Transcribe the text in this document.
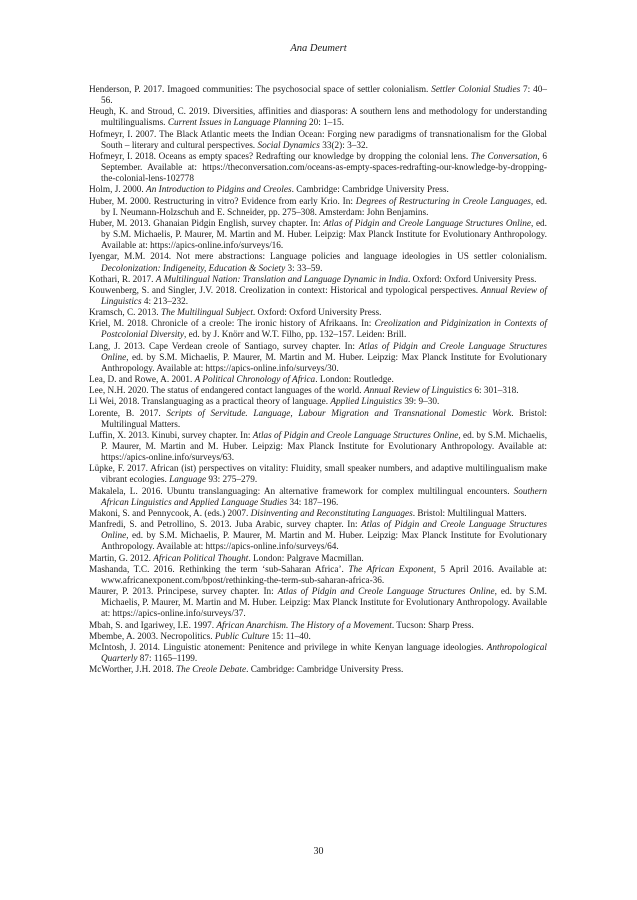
Ana Deumert
Henderson, P. 2017. Imagoed communities: The psychosocial space of settler colonialism. Settler Colonial Studies 7: 40–56.
Heugh, K. and Stroud, C. 2019. Diversities, affinities and diasporas: A southern lens and methodology for understanding multilingualisms. Current Issues in Language Planning 20: 1–15.
Hofmeyr, I. 2007. The Black Atlantic meets the Indian Ocean: Forging new paradigms of transnationalism for the Global South – literary and cultural perspectives. Social Dynamics 33(2): 3–32.
Hofmeyr, I. 2018. Oceans as empty spaces? Redrafting our knowledge by dropping the colonial lens. The Conversation, 6 September. Available at: https://theconversation.com/oceans-as-empty-spaces-redrafting-our-knowledge-by-dropping-the-colonial-lens-102778
Holm, J. 2000. An Introduction to Pidgins and Creoles. Cambridge: Cambridge University Press.
Huber, M. 2000. Restructuring in vitro? Evidence from early Krio. In: Degrees of Restructuring in Creole Languages, ed. by I. Neumann-Holzschuh and E. Schneider, pp. 275–308. Amsterdam: John Benjamins.
Huber, M. 2013. Ghanaian Pidgin English, survey chapter. In: Atlas of Pidgin and Creole Language Structures Online, ed. by S.M. Michaelis, P. Maurer, M. Martin and M. Huber. Leipzig: Max Planck Institute for Evolutionary Anthropology. Available at: https://apics-online.info/surveys/16.
Iyengar, M.M. 2014. Not mere abstractions: Language policies and language ideologies in US settler colonialism. Decolonization: Indigeneity, Education & Society 3: 33–59.
Kothari, R. 2017. A Multilingual Nation: Translation and Language Dynamic in India. Oxford: Oxford University Press.
Kouwenberg, S. and Singler, J.V. 2018. Creolization in context: Historical and typological perspectives. Annual Review of Linguistics 4: 213–232.
Kramsch, C. 2013. The Multilingual Subject. Oxford: Oxford University Press.
Kriel, M. 2018. Chronicle of a creole: The ironic history of Afrikaans. In: Creolization and Pidginization in Contexts of Postcolonial Diversity, ed. by J. Knörr and W.T. Filho, pp. 132–157. Leiden: Brill.
Lang, J. 2013. Cape Verdean creole of Santiago, survey chapter. In: Atlas of Pidgin and Creole Language Structures Online, ed. by S.M. Michaelis, P. Maurer, M. Martin and M. Huber. Leipzig: Max Planck Institute for Evolutionary Anthropology. Available at: https://apics-online.info/surveys/30.
Lea, D. and Rowe, A. 2001. A Political Chronology of Africa. London: Routledge.
Lee, N.H. 2020. The status of endangered contact languages of the world. Annual Review of Linguistics 6: 301–318.
Li Wei, 2018. Translanguaging as a practical theory of language. Applied Linguistics 39: 9–30.
Lorente, B. 2017. Scripts of Servitude. Language, Labour Migration and Transnational Domestic Work. Bristol: Multilingual Matters.
Luffin, X. 2013. Kinubi, survey chapter. In: Atlas of Pidgin and Creole Language Structures Online, ed. by S.M. Michaelis, P. Maurer, M. Martin and M. Huber. Leipzig: Max Planck Institute for Evolutionary Anthropology. Available at: https://apics-online.info/surveys/63.
Lüpke, F. 2017. African (ist) perspectives on vitality: Fluidity, small speaker numbers, and adaptive multilingualism make vibrant ecologies. Language 93: 275–279.
Makalela, L. 2016. Ubuntu translanguaging: An alternative framework for complex multilingual encounters. Southern African Linguistics and Applied Language Studies 34: 187–196.
Makoni, S. and Pennycook, A. (eds.) 2007. Disinventing and Reconstituting Languages. Bristol: Multilingual Matters.
Manfredi, S. and Petrollino, S. 2013. Juba Arabic, survey chapter. In: Atlas of Pidgin and Creole Language Structures Online, ed. by S.M. Michaelis, P. Maurer, M. Martin and M. Huber. Leipzig: Max Planck Institute for Evolutionary Anthropology. Available at: https://apics-online.info/surveys/64.
Martin, G. 2012. African Political Thought. London: Palgrave Macmillan.
Mashanda, T.C. 2016. Rethinking the term ‘sub-Saharan Africa’. The African Exponent, 5 April 2016. Available at: www.africanexponent.com/bpost/rethinking-the-term-sub-saharan-africa-36.
Maurer, P. 2013. Principese, survey chapter. In: Atlas of Pidgin and Creole Language Structures Online, ed. by S.M. Michaelis, P. Maurer, M. Martin and M. Huber. Leipzig: Max Planck Institute for Evolutionary Anthropology. Available at: https://apics-online.info/surveys/37.
Mbah, S. and Igariwey, I.E. 1997. African Anarchism. The History of a Movement. Tucson: Sharp Press.
Mbembe, A. 2003. Necropolitics. Public Culture 15: 11–40.
McIntosh, J. 2014. Linguistic atonement: Penitence and privilege in white Kenyan language ideologies. Anthropological Quarterly 87: 1165–1199.
McWorther, J.H. 2018. The Creole Debate. Cambridge: Cambridge University Press.
30
